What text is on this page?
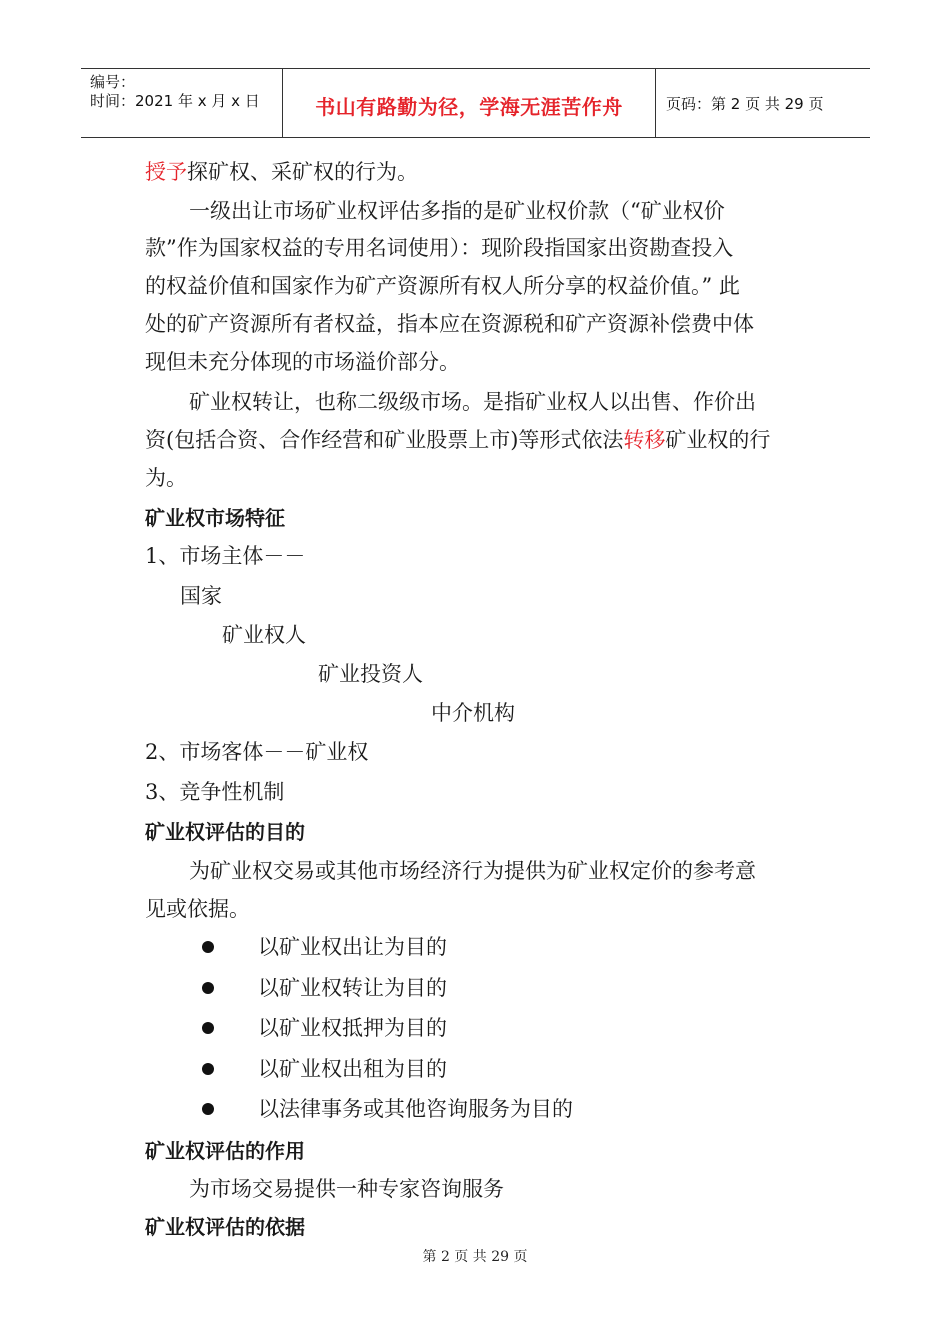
编号：
时间：2021 年 x 月 x 日	书山有路勤为径，学海无涯苦作舟	页码：第 2 页 共 29 页
授予探矿权、采矿权的行为。
一级出让市场矿业权评估多指的是矿业权价款（“矿业权价
款”作为国家权益的专用名词使用）：现阶段指国家出资勘查投入
的权益价值和国家作为矿产资源所有权人所分享的权益价值。” 此
处的矿产资源所有者权益，指本应在资源税和矿产资源补偿费中体
现但未充分体现的市场溢价部分。
矿业权转让，也称二级级市场。是指矿业权人以出售、作价出
资(包括合资、合作经营和矿业股票上市)等形式依法转移矿业权的行
为。
矿业权市场特征
1、市场主体－－
国家
矿业权人
矿业投资人
中介机构
2、市场客体－－矿业权
3、竞争性机制
矿业权评估的目的
为矿业权交易或其他市场经济行为提供为矿业权定价的参考意
见或依据。
以矿业权出让为目的
以矿业权转让为目的
以矿业权抵押为目的
以矿业权出租为目的
以法律事务或其他咨询服务为目的
矿业权评估的作用
为市场交易提供一种专家咨询服务
矿业权评估的依据
第 2 页 共 29 页
